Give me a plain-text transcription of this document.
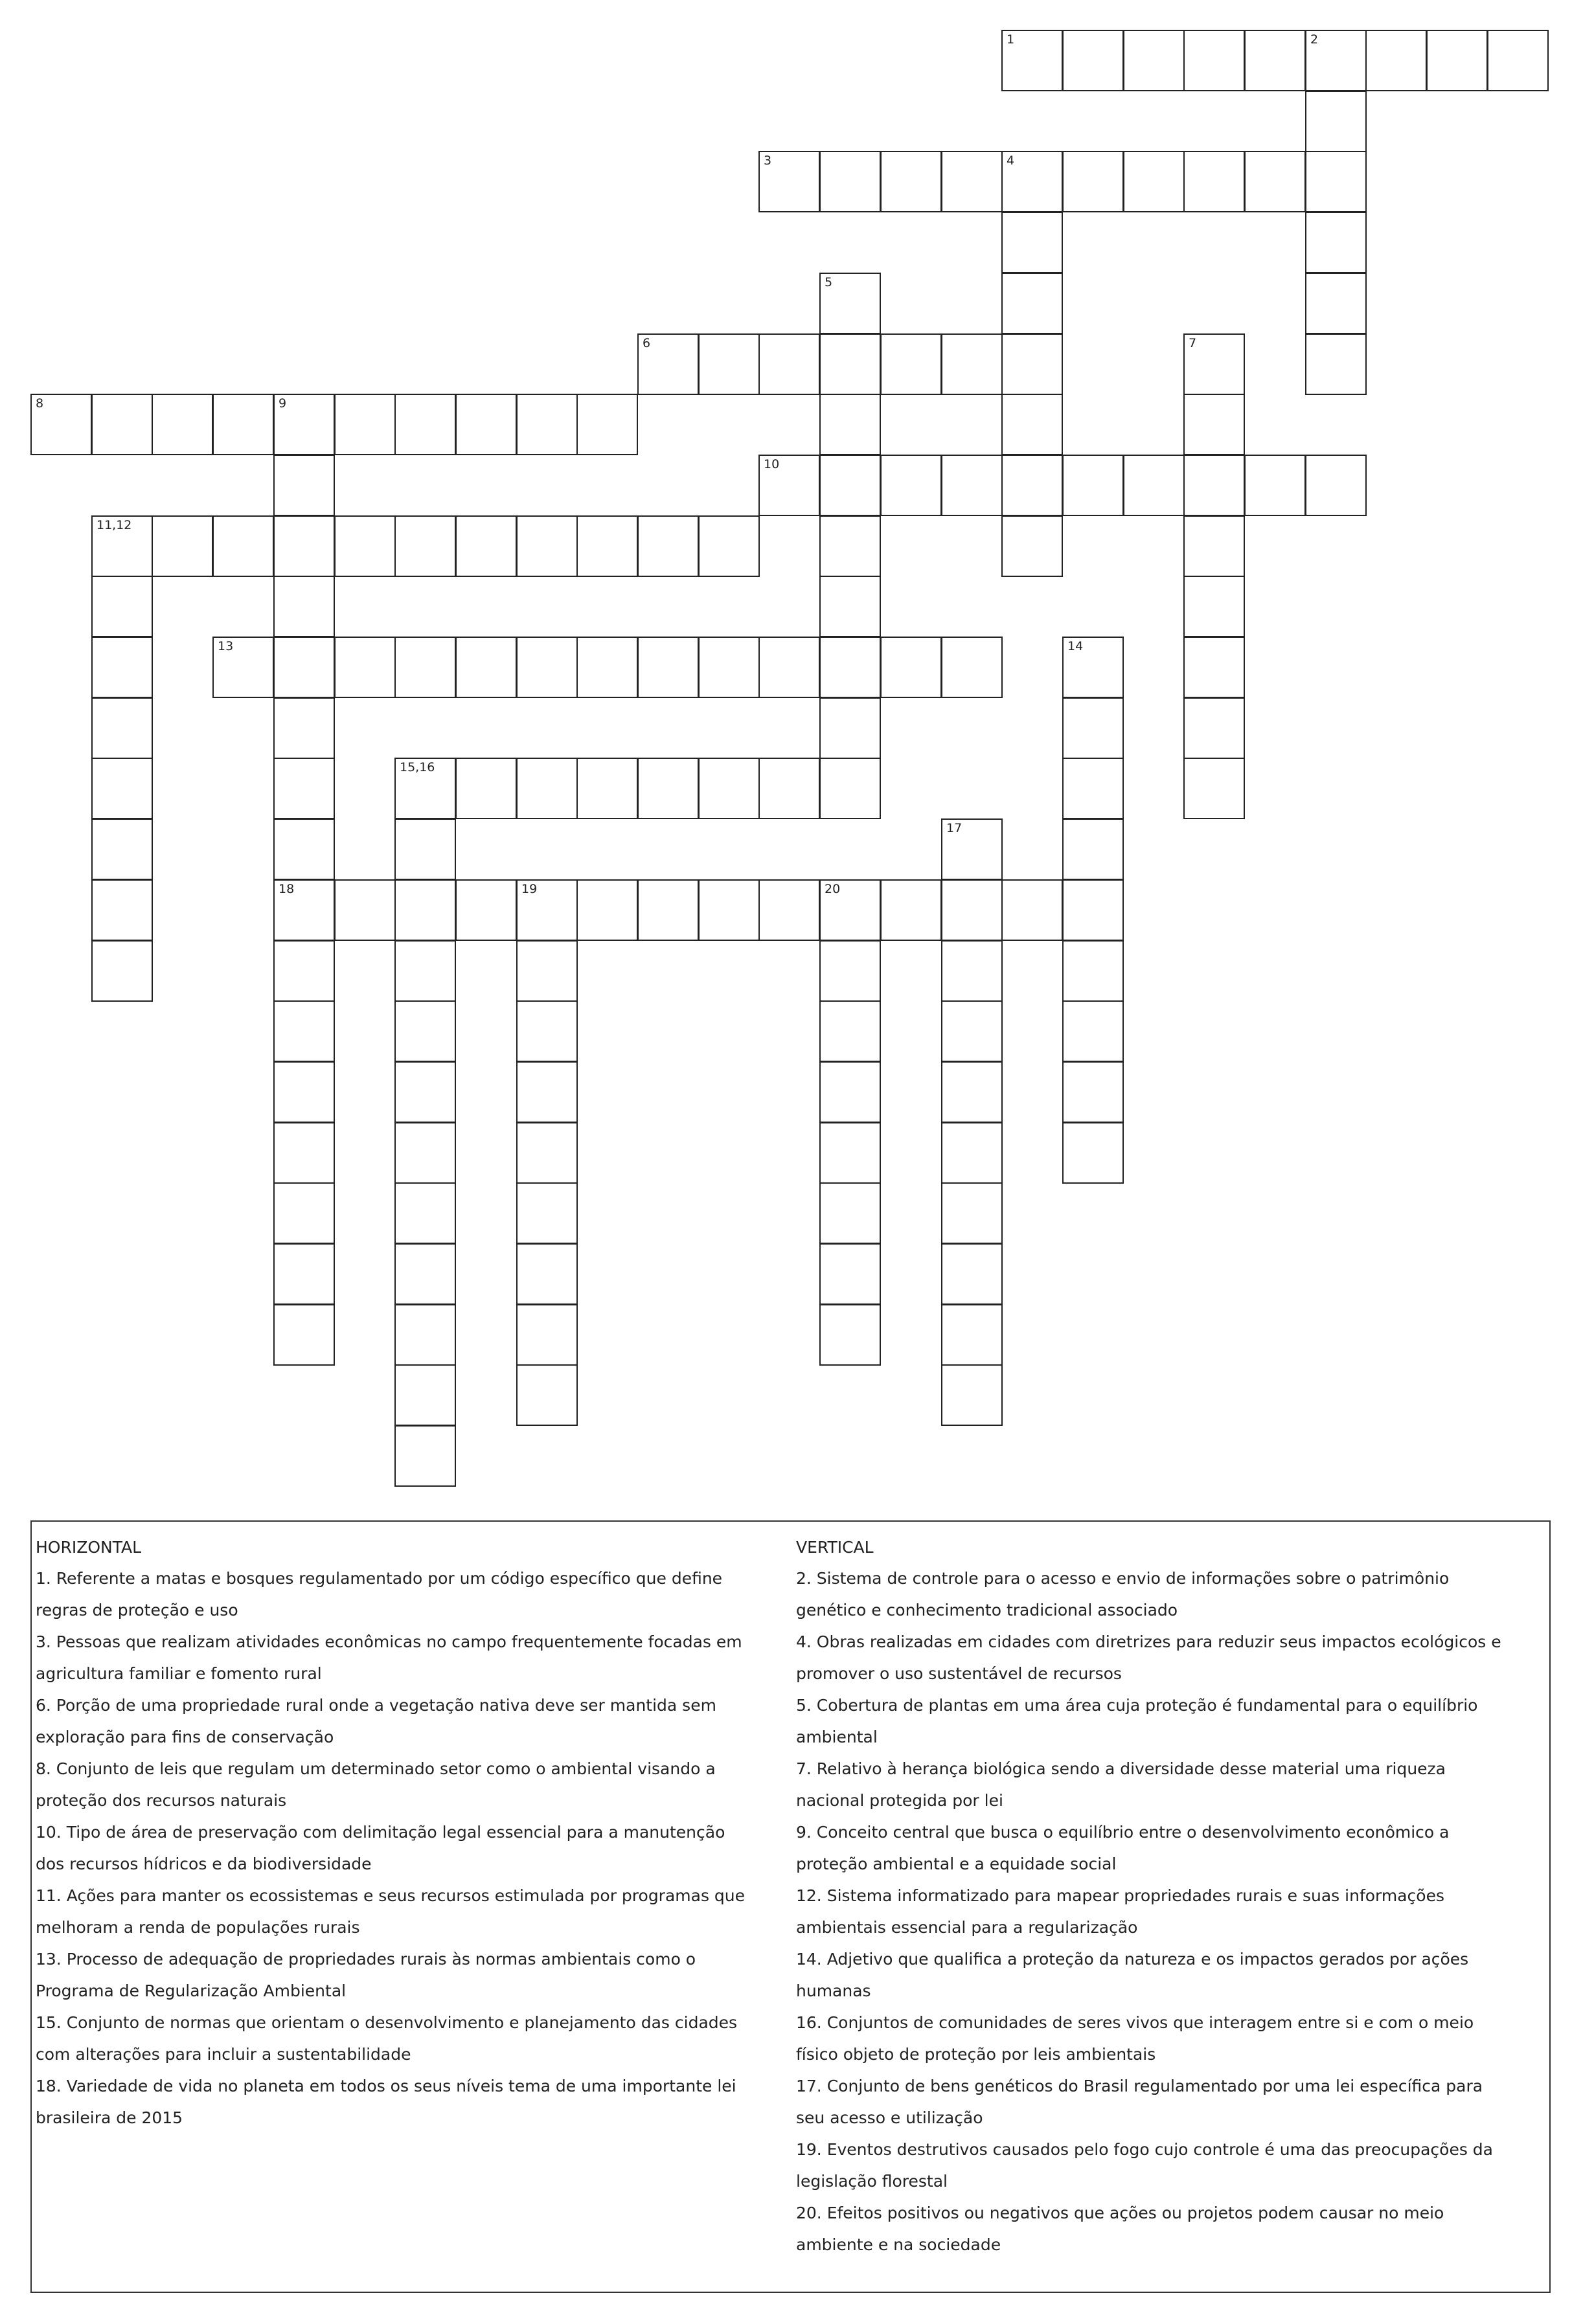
1	2
3	4
5
6	7
8	9
10
11,12
13	14
15,16
17
18	19	20

HORIZONTAL

1. Referente a matas e bosques regulamentado por um código específico que define

regras de proteção e uso

3. Pessoas que realizam atividades econômicas no campo frequentemente focadas em

agricultura familiar e fomento rural

6. Porção de uma propriedade rural onde a vegetação nativa deve ser mantida sem

exploração para fins de conservação

8. Conjunto de leis que regulam um determinado setor como o ambiental visando a

proteção dos recursos naturais

10. Tipo de área de preservação com delimitação legal essencial para a manutenção

dos recursos hídricos e da biodiversidade

11. Ações para manter os ecossistemas e seus recursos estimulada por programas que

melhoram a renda de populações rurais

13. Processo de adequação de propriedades rurais às normas ambientais como o

Programa de Regularização Ambiental

15. Conjunto de normas que orientam o desenvolvimento e planejamento das cidades

com alterações para incluir a sustentabilidade

18. Variedade de vida no planeta em todos os seus níveis tema de uma importante lei

brasileira de 2015

VERTICAL

2. Sistema de controle para o acesso e envio de informações sobre o patrimônio

genético e conhecimento tradicional associado

4. Obras realizadas em cidades com diretrizes para reduzir seus impactos ecológicos e

promover o uso sustentável de recursos

5. Cobertura de plantas em uma área cuja proteção é fundamental para o equilíbrio

ambiental

7. Relativo à herança biológica sendo a diversidade desse material uma riqueza

nacional protegida por lei

9. Conceito central que busca o equilíbrio entre o desenvolvimento econômico a

proteção ambiental e a equidade social

12. Sistema informatizado para mapear propriedades rurais e suas informações

ambientais essencial para a regularização

14. Adjetivo que qualifica a proteção da natureza e os impactos gerados por ações

humanas

16. Conjuntos de comunidades de seres vivos que interagem entre si e com o meio

físico objeto de proteção por leis ambientais

17. Conjunto de bens genéticos do Brasil regulamentado por uma lei específica para

seu acesso e utilização

19. Eventos destrutivos causados pelo fogo cujo controle é uma das preocupações da

legislação florestal

20. Efeitos positivos ou negativos que ações ou projetos podem causar no meio

ambiente e na sociedade
